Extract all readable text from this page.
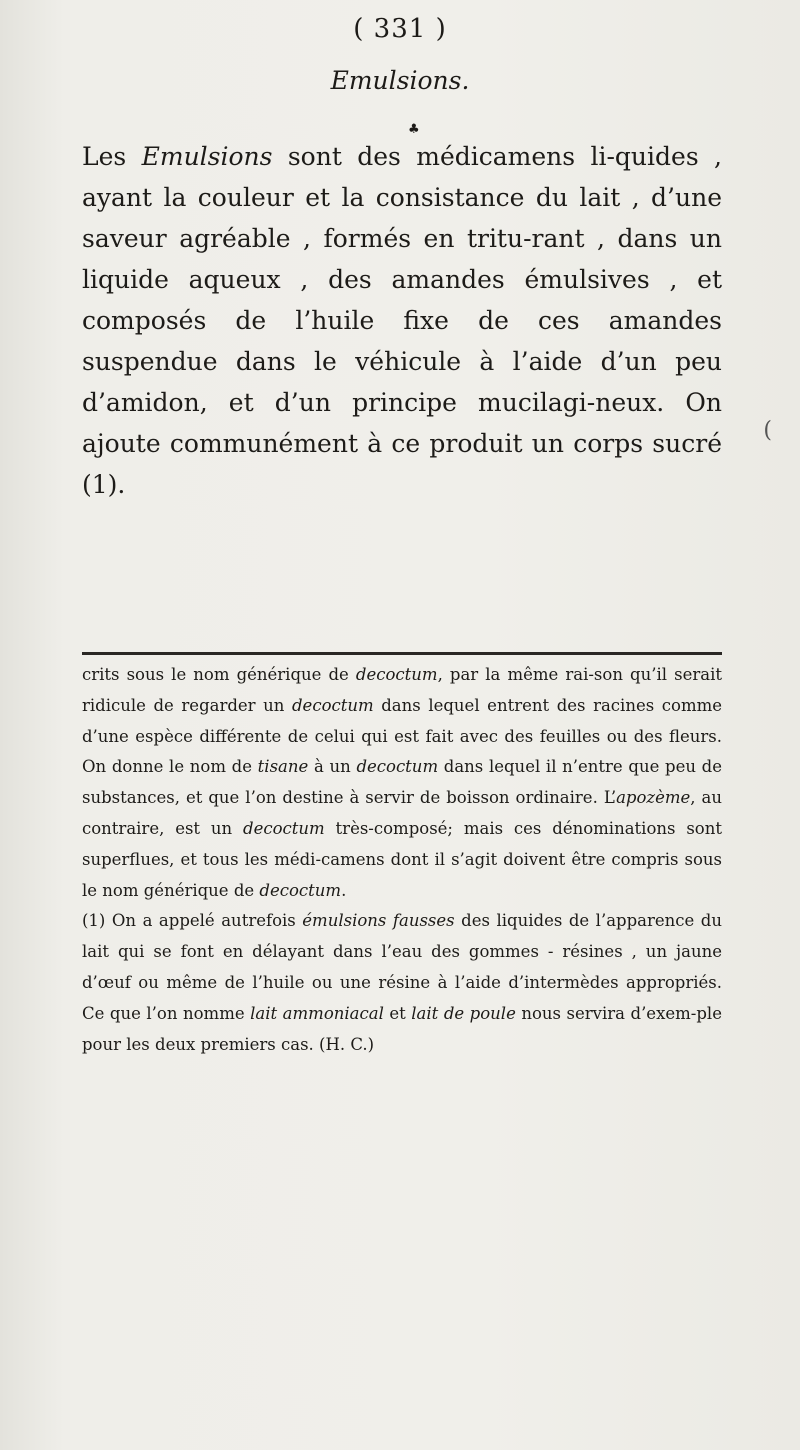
( 331 )
Emulsions.
♣

Les Emulsions sont des médicamens li-quides , ayant la couleur et la consistance du lait , d’une saveur agréable , formés en tritu-rant , dans un liquide aqueux , des amandes émulsives , et composés de l’huile fixe de ces amandes suspendue dans le véhicule à l’aide d’un peu d’amidon, et d’un principe mucilagi-neux. On ajoute communément à ce produit un corps sucré (1).

(

crits sous le nom générique de decoctum, par la même rai-son qu’il serait ridicule de regarder un decoctum dans lequel entrent des racines comme d’une espèce différente de celui qui est fait avec des feuilles ou des fleurs. On donne le nom de tisane à un decoctum dans lequel il n’entre que peu de substances, et que l’on destine à servir de boisson ordinaire. L’apozème, au contraire, est un decoctum très-composé; mais ces dénominations sont superflues, et tous les médi-camens dont il s’agit doivent être compris sous le nom générique de decoctum.

(1) On a appelé autrefois émulsions fausses des liquides de l’apparence du lait qui se font en délayant dans l’eau des gommes - résines , un jaune d’œuf ou même de l’huile ou une résine à l’aide d’intermèdes appropriés. Ce que l’on nomme lait ammoniacal et lait de poule nous servira d’exem-ple pour les deux premiers cas. (H. C.)
